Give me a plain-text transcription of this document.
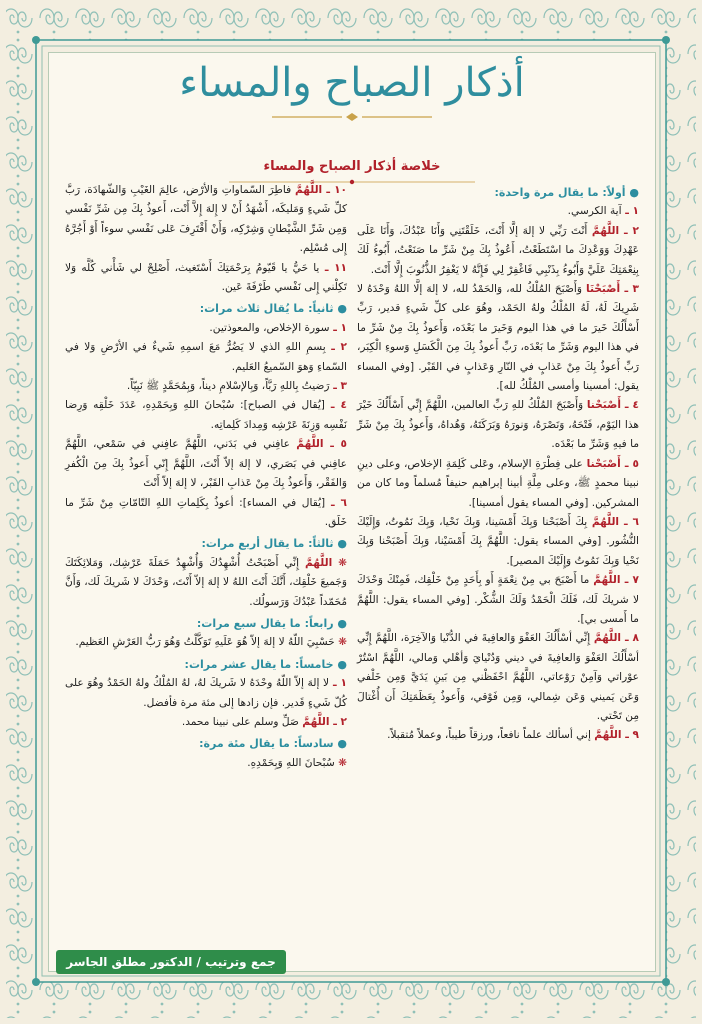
أذكار الصباح والمساء
خلاصة أذكار الصباح والمساء

● أولاً: ما يقال مرة واحدة:

١ ـ آية الكرسي.

٢ ـ اللَّهُمَّ أَنْتَ رَبِّي لا إلهَ إلَّا أَنْتَ، خَلَقْتَنِي وَأَنَا عَبْدُكَ، وَأَنَا عَلَى عَهْدِكَ وَوَعْدِكَ ما اسْتَطَعْتُ، أَعُوذُ بِكَ مِنْ شَرِّ ما صَنَعْتُ، أَبُوءُ لَكَ بِنِعْمَتِكَ عَلَيَّ وَأَبُوءُ بِذَنْبِي فَاغْفِرْ لِي فَإِنَّهُ لا يَغْفِرُ الذُّنُوبَ إِلَّا أَنْتَ.

٣ ـ أَصْبَحْنَا وَأَصْبَحَ المُلْكُ لله، وَالحَمْدُ لله، لا إلهَ إلَّا اللهُ وَحْدَهُ لا شَرِيكَ لَهُ، لَهُ المُلْكُ ولهُ الحَمْد، وهُوَ على كلِّ شَيءٍ قدير، رَبِّ أَسْأَلُكَ خَيرَ ما في هذا اليوم وَخَيرَ ما بَعْدَه، وَأَعوذُ بِكَ مِنْ شَرِّ ما في هذا اليوم وَشَرِّ ما بَعْدَه، رَبِّ أَعوذُ بِكَ مِنَ الْكَسَلِ وَسوءِ الْكِبَر، رَبِّ أَعوذُ بِكَ مِنْ عَذابٍ في النّارِ وَعَذابٍ في القَبْر. [وفي المساء يقول: أمسينا وأمسى المُلْكُ لله].

٤ ـ أَصْبَحْنا وَأَصْبَحَ المُلْكُ للهِ رَبِّ العالمين، اللَّهُمَّ إِنِّي أَسْأَلُكَ خَيْرَ هذا اليَوْم، فَتْحَهُ، وَنَصْرَهُ، وَنورَهُ وَبَرَكَتَهُ، وَهُداهُ، وَأَعوذُ بِكَ مِنْ شَرِّ ما فيهِ وَشَرِّ ما بَعْدَه.

٥ ـ أَصْبَحْنا على فِطْرَةِ الإسلام، وعَلى كَلِمَةِ الإخلاص، وعلى دينِ نبينا محمدٍ ﷺ، وعلى مِلَّةِ أبينا إبراهيم حنيفاً مُسلماً وما كان من المشركين. [وفي المساء يقول أمسينا].

٦ ـ اللَّهُمَّ بِكَ أَصْبَحْنا وَبِكَ أَمْسَينا، وَبِكَ نَحْيا، وَبِكَ نَمُوتُ، وَإِلَيْكَ النُّشُور. [وفي المساء يقول: اللَّهُمَّ بِكَ أَمْسَيْنا، وَبِكَ أَصْبَحْنا وَبِكَ نَحْيا وَبِكَ نَمُوتُ وَإِلَيْكَ المصير].

٧ ـ اللَّهُمَّ ما أَصْبَحَ بي مِنْ نِعْمَةٍ أَو بِأَحَدٍ مِنْ خَلْقِك، فَمِنْكَ وَحْدَكَ لا شريكَ لَك، فَلَكَ الْحَمْدُ وَلَكَ الشُّكْر. [وفي المساء يقول: اللَّهُمَّ ما أَمسى بي].

٨ ـ اللَّهُمَّ إِنِّي أسْأَلُكَ العَفْوَ وَالعافِيةَ في الدُّنْيا وَالآخِرَة، اللَّهُمَّ إِنِّي أسْأَلُكَ العَفْوَ وَالعافِيةَ في ديني وَدُنْيايَ وَأهْلي وَمالي، اللَّهُمَّ اسْتُرْ عوْراتي وَآمِنْ رَوْعاتي، اللَّهُمَّ احْفَظْني مِن بَينِ يَدَيَّ وَمِن خَلْفي وَعَن يَميني وَعَن شِمالي، وَمِن فَوْقي، وَأَعوذُ بِعَظَمَتِكَ أَن أُغْتالَ مِن تَحْتي.

٩ ـ اللَّهُمَّ إني أسألك علماً نافعاً، ورزقاً طيباً، وعملاً مُتقبلاً.

١٠ ـ اللَّهُمَّ فاطِرَ السّماواتِ وَالأرْض، عالِمَ الغَيْبِ وَالشّهادَة، رَبَّ كلِّ شَيءٍ وَمَليكَه، أَشْهَدُ أَنْ لا إِلهَ إِلاَّ أَنْت، أَعوذُ بِكَ مِن شَرِّ نَفْسي وَمِن شَرِّ الشَّيْطانِ وَشِرْكِه، وَأَنْ أَقْتَرِفَ عَلى نَفْسي سوءاً أَوْ أَجُرَّهُ إِلى مُسْلِم.

١١ ـ يا حَيُّ يا قَيّومُ بِرَحْمَتِكَ أَسْتَغيث، أَصْلِحْ لي شَأْني كُلَّه وَلا تَكِلْني إِلى نَفْسي طَرْفَةَ عَين.

● ثانياً: ما يُقال ثلاث مرات:

١ ـ سورة الإخلاص، والمعوذتين.

٢ ـ بِسمِ اللهِ الذي لا يَضُرُّ مَعَ اسمِهِ شَيءٌ في الأرْضِ وَلا في السّماءِ وَهوَ السّميعُ العَليم.

٣ ـ رَضيتُ بِاللهِ رَبَّاً، وَبِالإسْلامِ ديناً، وَبِمُحَمَّدٍ ﷺ نَبِيّاً.

٤ ـ [يُقال في الصباح]: سُبْحانَ اللهِ وَبِحَمْدِهِ، عَدَدَ خَلْقِه وَرِضا نَفْسِه وَزِنَةَ عَرْشِه وَمِدادَ كَلِماتِه.

٥ ـ اللَّهُمَّ عافِني في بَدَني، اللَّهُمَّ عافِني في سَمْعي، اللَّهُمَّ عافِني في بَصَري، لا إلهَ إلاّ أَنْتَ، اللَّهُمَّ إِنّي أَعوذُ بِكَ مِنَ الْكُفرِ وَالفَقْر، وَأَعوذُ بِكَ مِنْ عَذابِ القَبْر، لا إلهَ إلاّ أَنْتَ

٦ ـ [يُقال في المساء]: أعوذُ بِكَلِماتِ اللهِ التّامّاتِ مِنْ شَرِّ ما خَلَق.

● ثالثاً: ما يقال أربع مرات:

❋ اللَّهُمَّ إِنِّي أَصْبَحْتُ أُشْهِدُكَ وَأُشْهِدُ حَمَلَةَ عَرْشِك، وَمَلائِكَتَكَ وَجَميعَ خَلْقِك، أَنَّكَ أَنْتَ اللهُ لا إلهَ إلاّ أَنْتَ، وَحْدَكَ لا شَريكَ لَك، وَأَنَّ مُحَمّداً عَبْدُكَ وَرَسولُك.

● رابعاً: ما يقال سبع مرات:

❋ حَسْبِيَ اللّهُ لا إلهَ إلاّ هُوَ عَلَيهِ تَوَكَّلْتُ وَهُوَ رَبُّ العَرْشِ العَظيم.

● خامساً: ما يقال عشر مرات:

١ ـ لا إلهَ إلاّ اللّهُ وحْدَهُ لا شَريكَ لهُ، لهُ المُلْكُ ولهُ الحَمْدُ وهُوَ على كُلّ شَيءٍ قَدير. فإن زادها إلى مئة مرة فأفضل.

٢ ـ اللَّهُمَّ صَلِّ وسلم على نبينا محمد.

● سادساً: ما يقال مئة مرة:

❋ سُبْحانَ اللهِ وَبِحَمْدِهِ.

جمع وترتيب / الدكتور مطلق الجاسر
